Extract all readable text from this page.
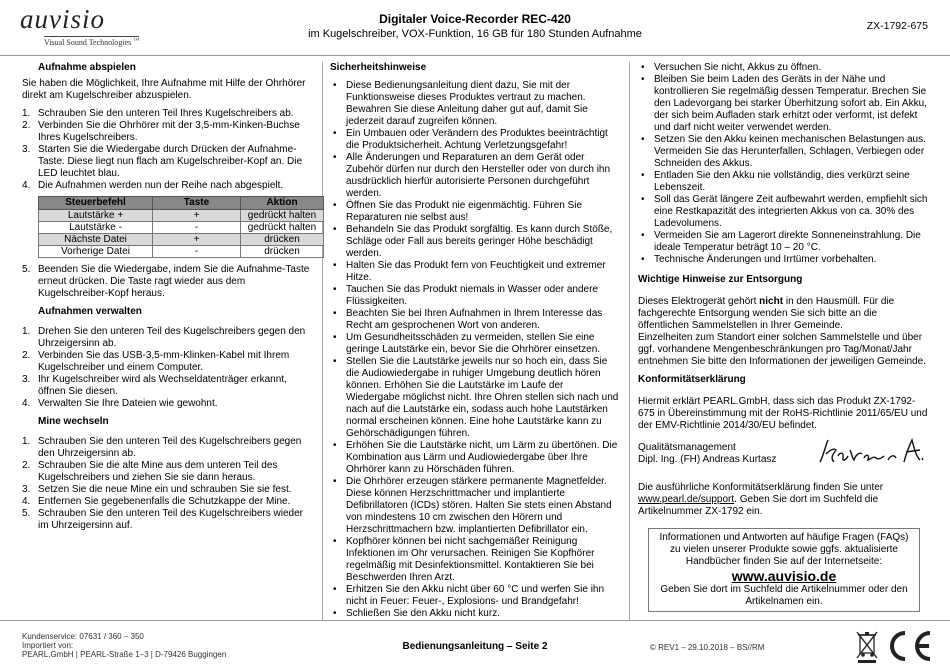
auvisio
Visual Sound Technologies ™
Digitaler Voice-Recorder REC-420
im Kugelschreiber, VOX-Funktion, 16 GB für 180 Stunden Aufnahme
ZX-1792-675
Aufnahme abspielen
Sie haben die Möglichkeit, Ihre Aufnahme mit Hilfe der Ohrhörer direkt am Kugelschreiber abzuspielen.
1. Schrauben Sie den unteren Teil Ihres Kugelschreibers ab.
2. Verbinden Sie die Ohrhörer mit der 3,5-mm-Kinken-Buchse Ihres Kugelschreibers.
3. Starten Sie die Wiedergabe durch Drücken der Aufnahme-Taste. Diese liegt nun flach am Kugelschreiber-Kopf an. Die LED leuchtet blau.
4. Die Aufnahmen werden nun der Reihe nach abgespielt.
Steuerbefehl	Taste	Aktion
Lautstärke +	+	gedrückt halten
Lautstärke -	-	gedrückt halten
Nächste Datei	+	drücken
Vorherige Datei	-	drücken
5. Beenden Sie die Wiedergabe, indem Sie die Aufnahme-Taste erneut drücken. Die Taste ragt wieder aus dem Kugelschreiber-Kopf heraus.
Aufnahmen verwalten
1. Drehen Sie den unteren Teil des Kugelschreibers gegen den Uhrzeigersinn ab.
2. Verbinden Sie das USB-3,5-mm-Klinken-Kabel mit Ihrem Kugelschreiber und einem Computer.
3. Ihr Kugelschreiber wird als Wechseldatenträger erkannt, öffnen Sie diesen.
4. Verwalten Sie Ihre Dateien wie gewohnt.
Mine wechseln
1. Schrauben Sie den unteren Teil des Kugelschreibers gegen den Uhrzeigersinn ab.
2. Schrauben Sie die alte Mine aus dem unteren Teil des Kugelschreibers und ziehen Sie sie dann heraus.
3. Setzen Sie die neue Mine ein und schrauben Sie sie fest.
4. Entfernen Sie gegebenenfalls die Schutzkappe der Mine.
5. Schrauben Sie den unteren Teil des Kugelschreibers wieder im Uhrzeigersinn auf.
Sicherheitshinweise
• Diese Bedienungsanleitung dient dazu, Sie mit der Funktionsweise dieses Produktes vertraut zu machen. Bewahren Sie diese Anleitung daher gut auf, damit Sie jederzeit darauf zugreifen können.
• Ein Umbauen oder Verändern des Produktes beeinträchtigt die Produktsicherheit. Achtung Verletzungsgefahr!
• Alle Änderungen und Reparaturen an dem Gerät oder Zubehör dürfen nur durch den Hersteller oder von durch ihn ausdrücklich hierfür autorisierte Personen durchgeführt werden.
• Öffnen Sie das Produkt nie eigenmächtig. Führen Sie Reparaturen nie selbst aus!
• Behandeln Sie das Produkt sorgfältig. Es kann durch Stöße, Schläge oder Fall aus bereits geringer Höhe beschädigt werden.
• Halten Sie das Produkt fern von Feuchtigkeit und extremer Hitze.
• Tauchen Sie das Produkt niemals in Wasser oder andere Flüssigkeiten.
• Beachten Sie bei Ihren Aufnahmen in Ihrem Interesse das Recht am gesprochenen Wort von anderen.
• Um Gesundheitsschäden zu vermeiden, stellen Sie eine geringe Lautstärke ein, bevor Sie die Ohrhörer einsetzen.
• Stellen Sie die Lautstärke jeweils nur so hoch ein, dass Sie die Audiowiedergabe in ruhiger Umgebung deutlich hören können. Erhöhen Sie die Lautstärke im Laufe der Wiedergabe möglichst nicht. Ihre Ohren stellen sich nach und nach auf die Lautstärke ein, sodass auch hohe Lautstärken normal erscheinen können. Eine hohe Lautstärke kann zu Gehörschädigungen führen.
• Erhöhen Sie die Lautstärke nicht, um Lärm zu übertönen. Die Kombination aus Lärm und Audiowiedergabe über Ihre Ohrhörer kann zu Hörschäden führen.
• Die Ohrhörer erzeugen stärkere permanente Magnetfelder. Diese können Herzschrittmacher und implantierte Defibrillatoren (ICDs) stören. Halten Sie stets einen Abstand von mindestens 10 cm zwischen den Hörern und Herzschrittmachern bzw. implantierten Defibrillator ein.
• Kopfhörer können bei nicht sachgemäßer Reinigung Infektionen im Ohr verursachen. Reinigen Sie Kopfhörer regelmäßig mit Desinfektionsmittel. Kontaktieren Sie bei Beschwerden Ihren Arzt.
• Erhitzen Sie den Akku nicht über 60 °C und werfen Sie ihn nicht in Feuer: Feuer-, Explosions- und Brandgefahr!
• Schließen Sie den Akku nicht kurz.
• Versuchen Sie nicht, Akkus zu öffnen.
• Bleiben Sie beim Laden des Geräts in der Nähe und kontrollieren Sie regelmäßig dessen Temperatur. Brechen Sie den Ladevorgang bei starker Überhitzung sofort ab. Ein Akku, der sich beim Aufladen stark erhitzt oder verformt, ist defekt und darf nicht weiter verwendet werden.
• Setzen Sie den Akku keinen mechanischen Belastungen aus. Vermeiden Sie das Herunterfallen, Schlagen, Verbiegen oder Schneiden des Akkus.
• Entladen Sie den Akku nie vollständig, dies verkürzt seine Lebenszeit.
• Soll das Gerät längere Zeit aufbewahrt werden, empfiehlt sich eine Restkapazität des integrierten Akkus von ca. 30% des Ladevolumens.
• Vermeiden Sie am Lagerort direkte Sonneneinstrahlung. Die ideale Temperatur beträgt 10 – 20 °C.
• Technische Änderungen und Irrtümer vorbehalten.
Wichtige Hinweise zur Entsorgung
Dieses Elektrogerät gehört nicht in den Hausmüll. Für die fachgerechte Entsorgung wenden Sie sich bitte an die öffentlichen Sammelstellen in Ihrer Gemeinde.
Einzelheiten zum Standort einer solchen Sammelstelle und über ggf. vorhandene Mengenbeschränkungen pro Tag/Monat/Jahr entnehmen Sie bitte den Informationen der jeweiligen Gemeinde.
Konformitätserklärung
Hiermit erklärt PEARL.GmbH, dass sich das Produkt ZX-1792-675 in Übereinstimmung mit der RoHS-Richtlinie 2011/65/EU und der EMV-Richtlinie 2014/30/EU befindet.
Qualitätsmanagement
Dipl. Ing. (FH) Andreas Kurtasz
Die ausführliche Konformitätserklärung finden Sie unter www.pearl.de/support. Geben Sie dort im Suchfeld die Artikelnummer ZX-1792 ein.
Informationen und Antworten auf häufige Fragen (FAQs) zu vielen unserer Produkte sowie ggfs. aktualisierte Handbücher finden Sie auf der Internetseite:
www.auvisio.de
Geben Sie dort im Suchfeld die Artikelnummer oder den Artikelnamen ein.
Kundenservice: 07631 / 360 – 350
Importiert von:
PEARL.GmbH | PEARL-Straße 1–3 | D-79426 Buggingen
Bedienungsanleitung – Seite 2	© REV1 – 29.10.2018 – BS//RM
